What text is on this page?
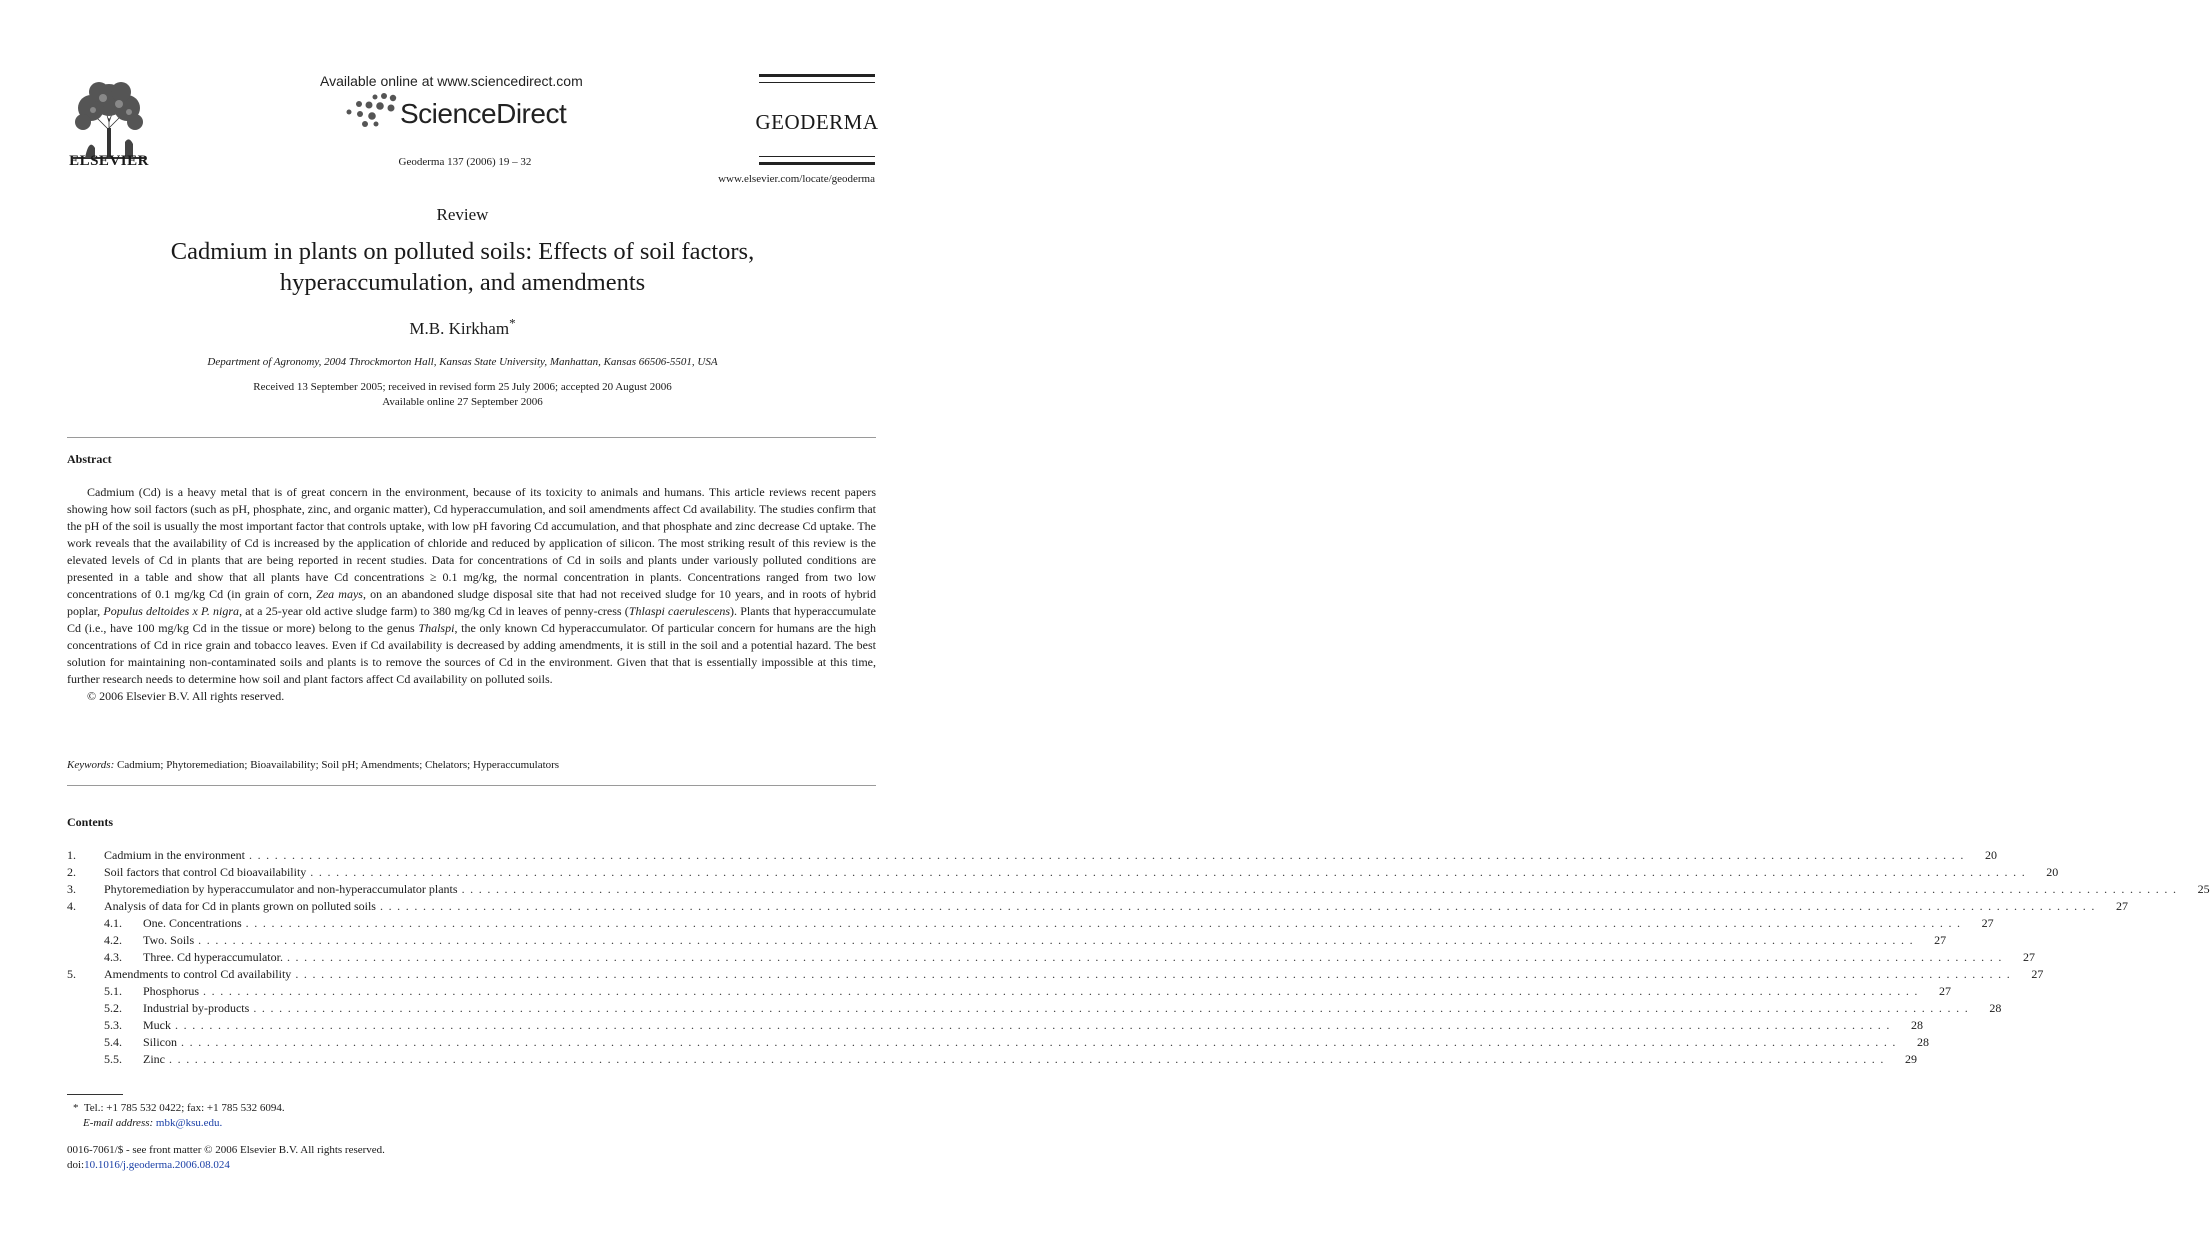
ELSEVIER
Available online at www.sciencedirect.com
ScienceDirect
Geoderma 137 (2006) 19 – 32
GEODERMA
www.elsevier.com/locate/geoderma
Review
Cadmium in plants on polluted soils: Effects of soil factors,
hyperaccumulation, and amendments
M.B. Kirkham*
Department of Agronomy, 2004 Throckmorton Hall, Kansas State University, Manhattan, Kansas 66506-5501, USA
Received 13 September 2005; received in revised form 25 July 2006; accepted 20 August 2006
Available online 27 September 2006
Abstract

Cadmium (Cd) is a heavy metal that is of great concern in the environment, because of its toxicity to animals and humans. This article reviews recent papers showing how soil factors (such as pH, phosphate, zinc, and organic matter), Cd hyperaccumulation, and soil amendments affect Cd availability. The studies confirm that the pH of the soil is usually the most important factor that controls uptake, with low pH favoring Cd accumulation, and that phosphate and zinc decrease Cd uptake. The work reveals that the availability of Cd is increased by the application of chloride and reduced by application of silicon. The most striking result of this review is the elevated levels of Cd in plants that are being reported in recent studies. Data for concentrations of Cd in soils and plants under variously polluted conditions are presented in a table and show that all plants have Cd concentrations ≥ 0.1 mg/kg, the normal concentration in plants. Concentrations ranged from two low concentrations of 0.1 mg/kg Cd (in grain of corn, Zea mays, on an abandoned sludge disposal site that had not received sludge for 10 years, and in roots of hybrid poplar, Populus deltoides x P. nigra, at a 25-year old active sludge farm) to 380 mg/kg Cd in leaves of penny-cress (Thlaspi caerulescens). Plants that hyperaccumulate Cd (i.e., have 100 mg/kg Cd in the tissue or more) belong to the genus Thalspi, the only known Cd hyperaccumulator. Of particular concern for humans are the high concentrations of Cd in rice grain and tobacco leaves. Even if Cd availability is decreased by adding amendments, it is still in the soil and a potential hazard. The best solution for maintaining non-contaminated soils and plants is to remove the sources of Cd in the environment. Given that that is essentially impossible at this time, further research needs to determine how soil and plant factors affect Cd availability on polluted soils.

© 2006 Elsevier B.V. All rights reserved.

Keywords: Cadmium; Phytoremediation; Bioavailability; Soil pH; Amendments; Chelators; Hyperaccumulators
Contents
1.	Cadmium in the environment ........................................................................................................................................................................................................	20
2.	Soil factors that control Cd bioavailability ........................................................................................................................................................................................................	20
3.	Phytoremediation by hyperaccumulator and non-hyperaccumulator plants ........................................................................................................................................................................................................	25
4.	Analysis of data for Cd in plants grown on polluted soils ........................................................................................................................................................................................................	27
4.1.	One. Concentrations ........................................................................................................................................................................................................	27
4.2.	Two. Soils ........................................................................................................................................................................................................	27
4.3.	Three. Cd hyperaccumulator. ........................................................................................................................................................................................................	27
5.	Amendments to control Cd availability ........................................................................................................................................................................................................	27
5.1.	Phosphorus ........................................................................................................................................................................................................	27
5.2.	Industrial by-products ........................................................................................................................................................................................................	28
5.3.	Muck ........................................................................................................................................................................................................	28
5.4.	Silicon ........................................................................................................................................................................................................	28
5.5.	Zinc ........................................................................................................................................................................................................	29
* Tel.: +1 785 532 0422; fax: +1 785 532 6094.
E-mail address: mbk@ksu.edu.
0016-7061/$ - see front matter © 2006 Elsevier B.V. All rights reserved.
doi:10.1016/j.geoderma.2006.08.024
